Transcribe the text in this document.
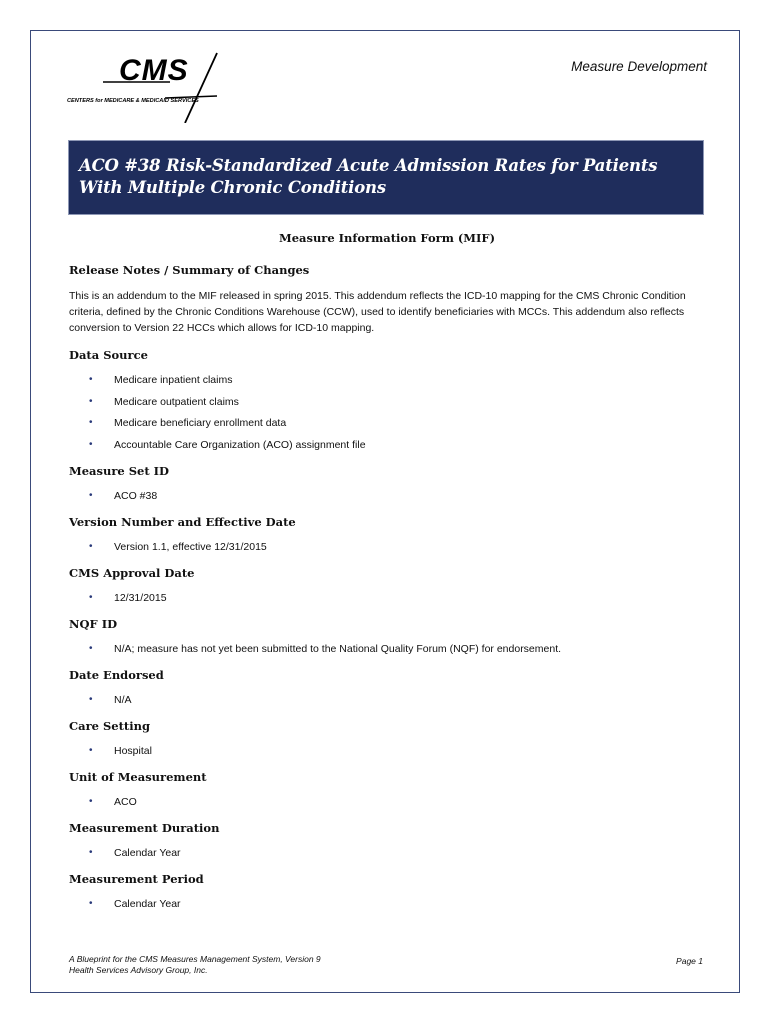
CMS
CENTERS for MEDICARE & MEDICAID SERVICES
Measure Development
ACO #38 Risk-Standardized Acute Admission Rates for Patients With Multiple Chronic Conditions
Measure Information Form (MIF)
Release Notes / Summary of Changes

This is an addendum to the MIF released in spring 2015. This addendum reflects the ICD-10 mapping for the CMS Chronic Condition criteria, defined by the Chronic Conditions Warehouse (CCW), used to identify beneficiaries with MCCs. This addendum also reflects conversion to Version 22 HCCs which allows for ICD-10 mapping.

Data Source
• Medicare inpatient claims
• Medicare outpatient claims
• Medicare beneficiary enrollment data
• Accountable Care Organization (ACO) assignment file
Measure Set ID
• ACO #38
Version Number and Effective Date
• Version 1.1, effective 12/31/2015
CMS Approval Date
• 12/31/2015
NQF ID
• N/A; measure has not yet been submitted to the National Quality Forum (NQF) for endorsement.
Date Endorsed
• N/A
Care Setting
• Hospital
Unit of Measurement
• ACO
Measurement Duration
• Calendar Year
Measurement Period
• Calendar Year
A Blueprint for the CMS Measures Management System, Version 9
Health Services Advisory Group, Inc.
Page 1
